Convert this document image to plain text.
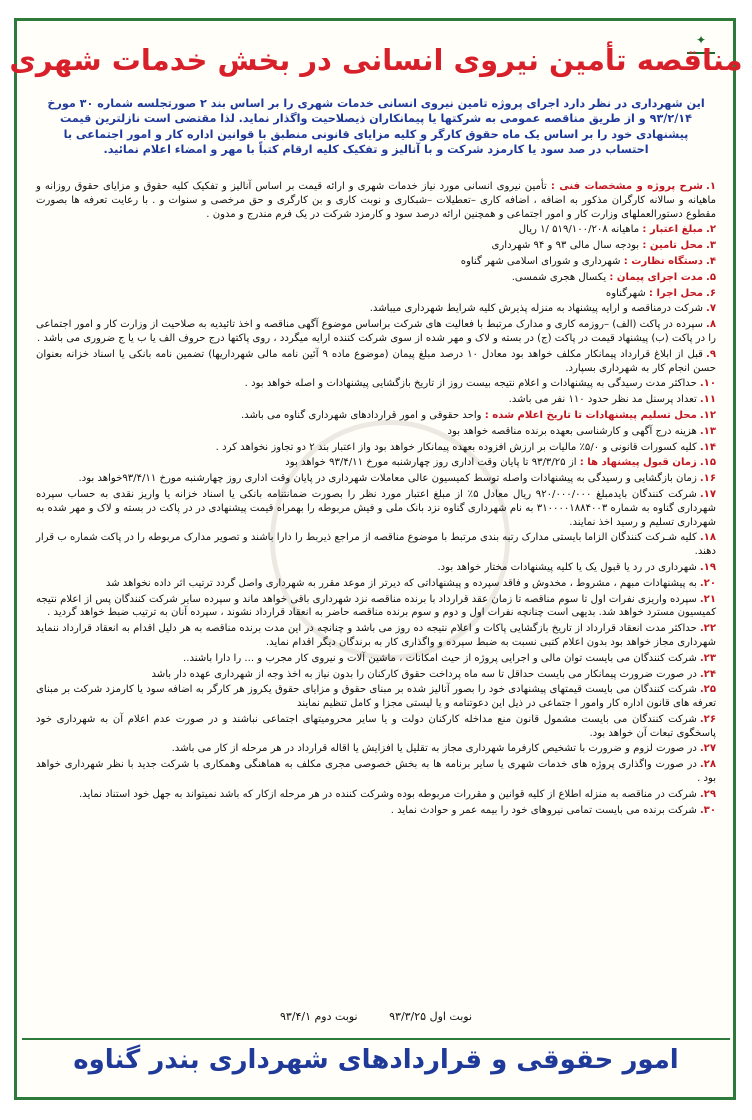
✦
مناقصه تأمین نیروی انسانی در بخش خدمات شهری
این شهرداری در نظر دارد اجرای پروژه تامین نیروی انسانی خدمات شهری را بر اساس بند ۲ صورتجلسه شماره ۳۰ مورخ ۹۳/۲/۱۴ و از طریق مناقصه عمومی به شرکتها یا پیمانکاران ذیصلاحیت واگذار نماید. لذا مقتضی است نازلترین قیمت پیشنهادی خود را بر اساس یک ماه حقوق کارگر و کلیه مزایای قانونی منطبق با قوانین اداره کار و امور اجتماعی با احتساب در صد سود یا کارمزد شرکت و با آنالیز و تفکیک کلیه ارقام کتباً با مهر و امضاء اعلام نمائید.
۱.شرح پروژه و مشخصات فنی : تأمین نیروی انسانی مورد نیاز خدمات شهری و ارائه قیمت بر اساس آنالیز و تفکیک کلیه حقوق و مزایای حقوق روزانه و ماهیانه و سالانه کارگران مذکور به اضافه ، اضافه کاری –تعطیلات –شبکاری و نوبت کاری و بن کارگری و حق مرخصی و سنوات و . با رعایت تعرفه ها بصورت مقطوع دستورالعملهای وزارت کار و امور اجتماعی و همچنین ارائه درصد سود و کارمزد شرکت در یک فرم مندرج و مدون .
۲.مبلغ اعتبار : ماهیانه ۵۱۹/۱۰۰/۲۰۸ /۱ ریال
۳.محل تامین : بودجه سال مالی ۹۳ و ۹۴ شهرداری
۴.دستگاه نظارت : شهرداری و شورای اسلامی شهر گناوه
۵.مدت اجرای پیمان : یکسال هجری شمسی.
۶.محل اجرا : شهرگناوه
۷.شرکت درمناقصه و ارایه پیشنهاد به منزله پذیرش کلیه شرایط شهرداری میباشد.
۸.سپرده در پاکت (الف) –روزمه کاری و مدارک مرتبط با فعالیت های شرکت براساس موضوع آگهی مناقصه و اخذ تائیدیه به صلاحیت از وزارت کار و امور اجتماعی را در پاکت (ب) پیشنهاد قیمت در پاکت (ج) در بسته و لاک و مهر شده از سوی شرکت کننده ارایه میگردد ، روی پاکتها درج حروف الف یا ب یا ج ضروری می باشد .
۹.قبل از ابلاغ قرارداد پیمانکار مکلف خواهد بود معادل ۱۰ درصد مبلغ پیمان (موضوع ماده ۹ آئین نامه مالی شهرداریها) تضمین نامه بانکی یا اسناد خزانه بعنوان حسن انجام کار به شهرداری بسپارد.
۱۰.حداکثر مدت رسیدگی به پیشنهادات و اعلام نتیجه بیست روز از تاریخ بازگشایی پیشنهادات و اصله خواهد بود .
۱۱.تعداد پرسنل مد نظر حدود ۱۱۰ نفر می باشد.
۱۲.محل تسلیم پیشنهادات تا تاریخ اعلام شده : واحد حقوقی و امور قراردادهای شهرداری گناوه می باشد.
۱۳.هزینه درج آگهی و کارشناسی بعهده برنده مناقصه خواهد بود
۱۴.کلیه کسورات قانونی و ۵/۰٪ مالیات بر ارزش افزوده بعهده پیمانکار خواهد بود واز اعتبار بند ۲ دو تجاوز نخواهد کرد .
۱۵.زمان قبول پیشنهاد ها : از ۹۳/۳/۲۵ تا پایان وقت اداری روز چهارشنبه مورخ ۹۳/۴/۱۱ خواهد بود
۱۶.زمان بازگشایی و رسیدگی به پیشنهادات واصله توسط کمیسیون عالی معاملات شهرداری در پایان وقت اداری روز چهارشنبه مورخ ۹۳/۴/۱۱خواهد بود.
۱۷.شرکت کنندگان بایدمبلغ ۹۲۰/۰۰۰/۰۰۰ ریال معادل ۵٪ از مبلغ اعتبار مورد نظر را بصورت ضمانتنامه بانکی یا اسناد خزانه یا واریز نقدی به حساب سپرده شهرداری گناوه به شماره ۳۱۰۰۰۰۱۸۸۴۰۰۳ به نام شهرداری گناوه نزد بانک ملی و فیش مربوطه را بهمراه قیمت پیشنهادی در در پاکت در بسته و لاک و مهر شده به شهرداری تسلیم و رسید اخذ نمایند.
۱۸.کلیه شـرکت کنندگان الزاما بایستی مدارک رتبه بندی مرتبط با موضوع مناقصه از مراجع ذیربط را دارا باشند و تصویر مدارک مربوطه را در پاکت شماره ب قرار دهند.
۱۹.شهرداری در رد یا قبول یک یا کلیه پیشنهادات مختار خواهد بود.
۲۰.به پیشنهادات مبهم ، مشروط ، مخدوش و فاقد سپرده و پیشنهاداتی که دیرتر از موعد مقرر به شهرداری واصل گردد ترتیب اثر داده نخواهد شد
۲۱.سپرده واریزی نفرات اول تا سوم مناقصه تا زمان عقد قرارداد با برنده مناقصه نزد شهرداری باقی خواهد ماند و سپرده سایر شرکت کنندگان پس از اعلام نتیجه کمیسیون مسترد خواهد شد. بدیهی است چنانچه نفرات اول و دوم و سوم برنده مناقصه حاضر به انعقاد قرارداد نشوند ، سپرده آنان به ترتیب ضبط خواهد گردید .
۲۲.حداکثر مدت انعقاد قرارداد از تاریخ بازگشایی پاکات و اعلام نتیجه ده روز می باشد و چنانچه در این مدت برنده مناقصه به هر دلیل اقدام به انعقاد قرارداد ننماید شهرداری مجاز خواهد بود بدون اعلام کتبی نسبت به ضبط سپرده و واگذاری کار به برندگان دیگر اقدام نماید.
۲۳.شرکت کنندگان می بایست توان مالی و اجرایی پروژه از حیث امکانات ، ماشین آلات و نیروی کار مجرب و ... را دارا باشند..
۲۴.در صورت ضرورت پیمانکار می بایست حداقل تا سه ماه پرداخت حقوق کارکنان را بدون نیاز به اخذ وجه از شهرداری عهده دار باشد
۲۵.شرکت کنندگان می بایست قیمتهای پیشنهادی خود را بصور آنالیز شده بر مبنای حقوق و مزایای حقوق یکروز هر کارگر به اضافه سود یا کارمزد شرکت بر مبنای تعرفه های قانون اداره کار وامور ا جتماعی در ذیل این دعوتنامه و یا لیستی مجزا و کامل تنظیم نمایند
۲۶.شرکت کنندگان می بایست مشمول قانون منع مداخله کارکنان دولت و یا سایر محرومیتهای اجتماعی نباشند و در صورت عدم اعلام آن به شهرداری خود پاسخگوی تبعات آن خواهد بود.
۲۷.در صورت لزوم و ضرورت با تشخیص کارفرما شهرداری مجاز به تقلیل یا افزایش یا اقاله قرارداد در هر مرحله از کار می باشد.
۲۸.در صورت واگذاری پروژه های خدمات شهری یا سایر برنامه ها به بخش خصوصی مجری مکلف به هماهنگی وهمکاری با شرکت جدید با نظر شهرداری خواهد بود .
۲۹.شرکت در مناقصه به منزله اطلاع از کلیه قوانین و مقررات مربوطه بوده وشرکت کننده در هر مرحله ازکار که باشد نمیتواند به جهل خود استناد نماید.
۳۰.شرکت برنده می بایست تمامی نیروهای خود را بیمه عمر و حوادث نماید .
نوبت اول ۹۳/۳/۲۵ نوبت دوم ۹۳/۴/۱
امور حقوقی و قراردادهای شهرداری بندر گناوه
